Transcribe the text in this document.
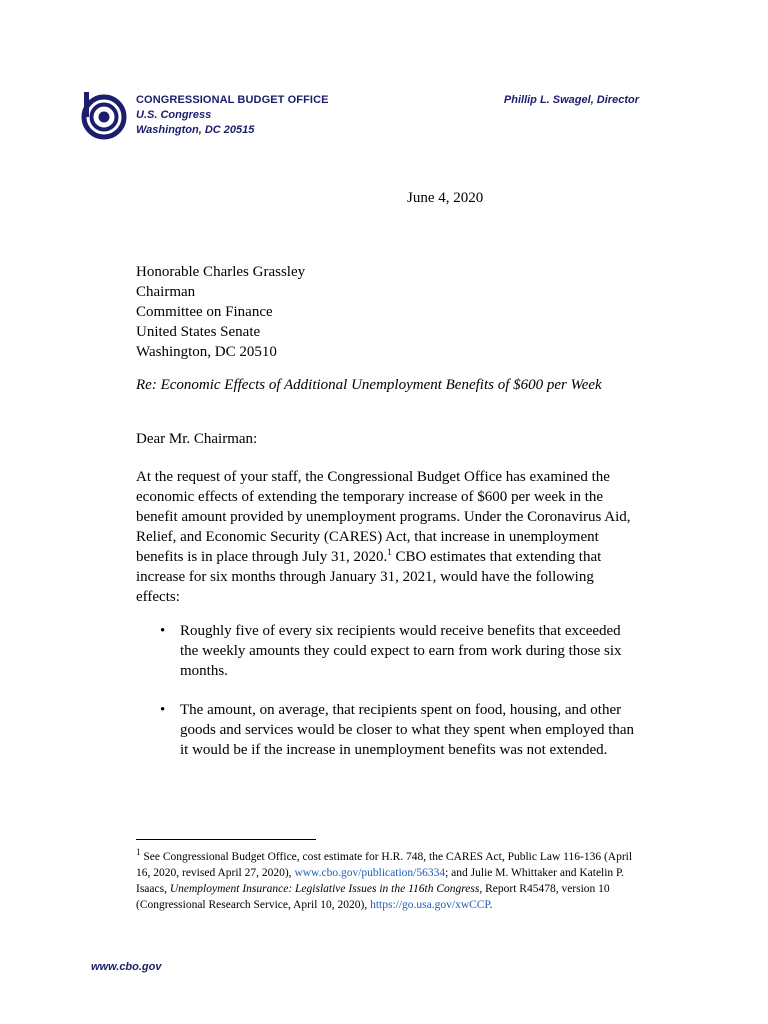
CONGRESSIONAL BUDGET OFFICE
U.S. Congress
Washington, DC 20515
Phillip L. Swagel, Director
June 4, 2020
Honorable Charles Grassley
Chairman
Committee on Finance
United States Senate
Washington, DC 20510
Re: Economic Effects of Additional Unemployment Benefits of $600 per Week
Dear Mr. Chairman:
At the request of your staff, the Congressional Budget Office has examined the economic effects of extending the temporary increase of $600 per week in the benefit amount provided by unemployment programs. Under the Coronavirus Aid, Relief, and Economic Security (CARES) Act, that increase in unemployment benefits is in place through July 31, 2020.$^1$ CBO estimates that extending that increase for six months through January 31, 2021, would have the following effects:
• Roughly five of every six recipients would receive benefits that exceeded the weekly amounts they could expect to earn from work during those six months.
• The amount, on average, that recipients spent on food, housing, and other goods and services would be closer to what they spent when employed than it would be if the increase in unemployment benefits was not extended.
$^1$ See Congressional Budget Office, cost estimate for H.R. 748, the CARES Act, Public Law 116-136 (April 16, 2020, revised April 27, 2020), www.cbo.gov/publication/56334; and Julie M. Whittaker and Katelin P. Isaacs, Unemployment Insurance: Legislative Issues in the 116th Congress, Report R45478, version 10 (Congressional Research Service, April 10, 2020), https://go.usa.gov/xwCCP.
www.cbo.gov
